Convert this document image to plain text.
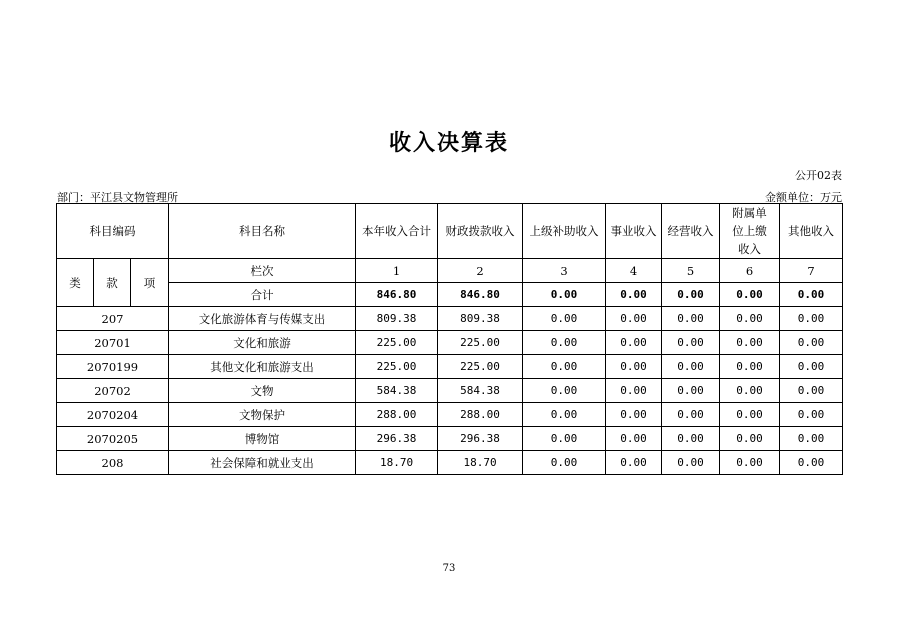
收入决算表
公开02表
部门：平江县文物管理所	金额单位：万元
科目编码			科目名称	本年收入合计	财政拨款收入	上级补助收入	事业收入	经营收入	附属单位上缴收入	其他收入
类	款	项	栏次	1	2	3	4	5	6	7
			合计	846.80	846.80	0.00	0.00	0.00	0.00	0.00
207			文化旅游体育与传媒支出	809.38	809.38	0.00	0.00	0.00	0.00	0.00
20701			文化和旅游	225.00	225.00	0.00	0.00	0.00	0.00	0.00
2070199			其他文化和旅游支出	225.00	225.00	0.00	0.00	0.00	0.00	0.00
20702			文物	584.38	584.38	0.00	0.00	0.00	0.00	0.00
2070204			文物保护	288.00	288.00	0.00	0.00	0.00	0.00	0.00
2070205			博物馆	296.38	296.38	0.00	0.00	0.00	0.00	0.00
208			社会保障和就业支出	18.70	18.70	0.00	0.00	0.00	0.00	0.00
73
